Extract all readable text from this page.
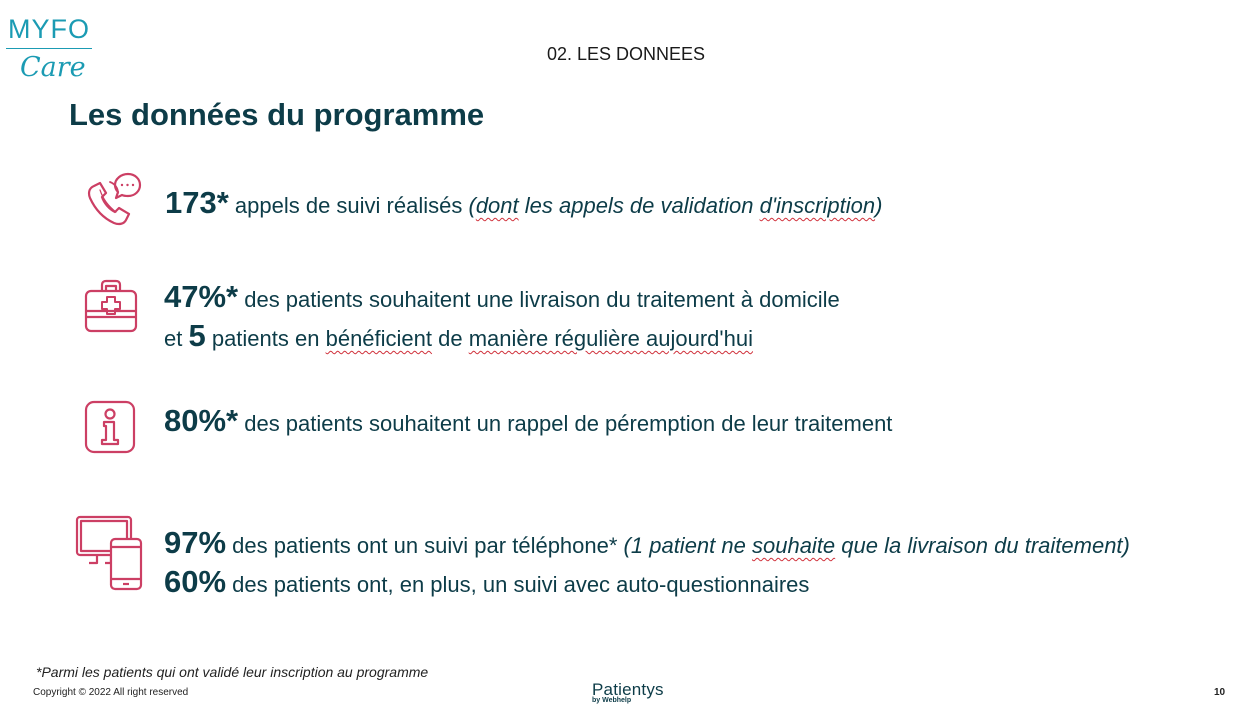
MYFO
Care	02. LES DONNEES
Les données du programme
173* appels de suivi réalisés (dont les appels de validation d'inscription)
47%* des patients souhaitent une livraison du traitement à domicile
et 5 patients en bénéficient de manière régulière aujourd'hui
80%* des patients souhaitent un rappel de péremption de leur traitement
97% des patients ont un suivi par téléphone* (1 patient ne souhaite que la livraison du traitement)
60% des patients ont, en plus, un suivi avec auto-questionnaires
*Parmi les patients qui ont validé leur inscription au programme
Copyright © 2022 All right reserved	Patientys
by Webhelp
10
